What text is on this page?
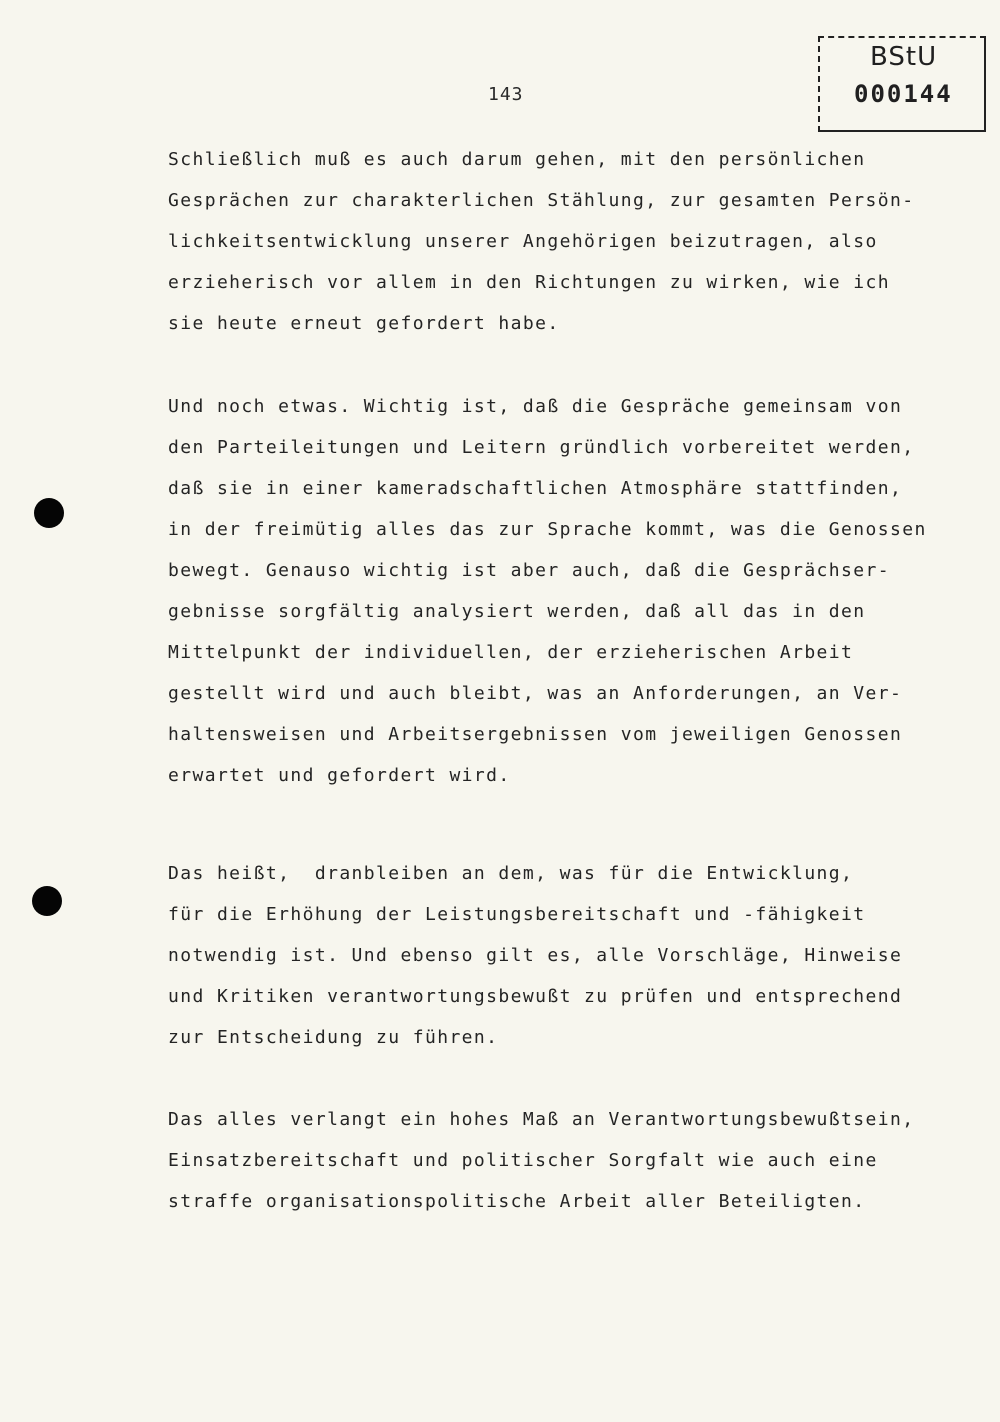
143
BStU
000144
Schließlich muß es auch darum gehen, mit den persönlichen
Gesprächen zur charakterlichen Stählung, zur gesamten Persön-
lichkeitsentwicklung unserer Angehörigen beizutragen, also
erzieherisch vor allem in den Richtungen zu wirken, wie ich
sie heute erneut gefordert habe.
Und noch etwas. Wichtig ist, daß die Gespräche gemeinsam von
den Parteileitungen und Leitern gründlich vorbereitet werden,
daß sie in einer kameradschaftlichen Atmosphäre stattfinden,
in der freimütig alles das zur Sprache kommt, was die Genossen
bewegt. Genauso wichtig ist aber auch, daß die Gesprächser-
gebnisse sorgfältig analysiert werden, daß all das in den
Mittelpunkt der individuellen, der erzieherischen Arbeit
gestellt wird und auch bleibt, was an Anforderungen, an Ver-
haltensweisen und Arbeitsergebnissen vom jeweiligen Genossen
erwartet und gefordert wird.
Das heißt,  dranbleiben an dem, was für die Entwicklung,
für die Erhöhung der Leistungsbereitschaft und -fähigkeit
notwendig ist. Und ebenso gilt es, alle Vorschläge, Hinweise
und Kritiken verantwortungsbewußt zu prüfen und entsprechend
zur Entscheidung zu führen.
Das alles verlangt ein hohes Maß an Verantwortungsbewußtsein,
Einsatzbereitschaft und politischer Sorgfalt wie auch eine
straffe organisationspolitische Arbeit aller Beteiligten.
